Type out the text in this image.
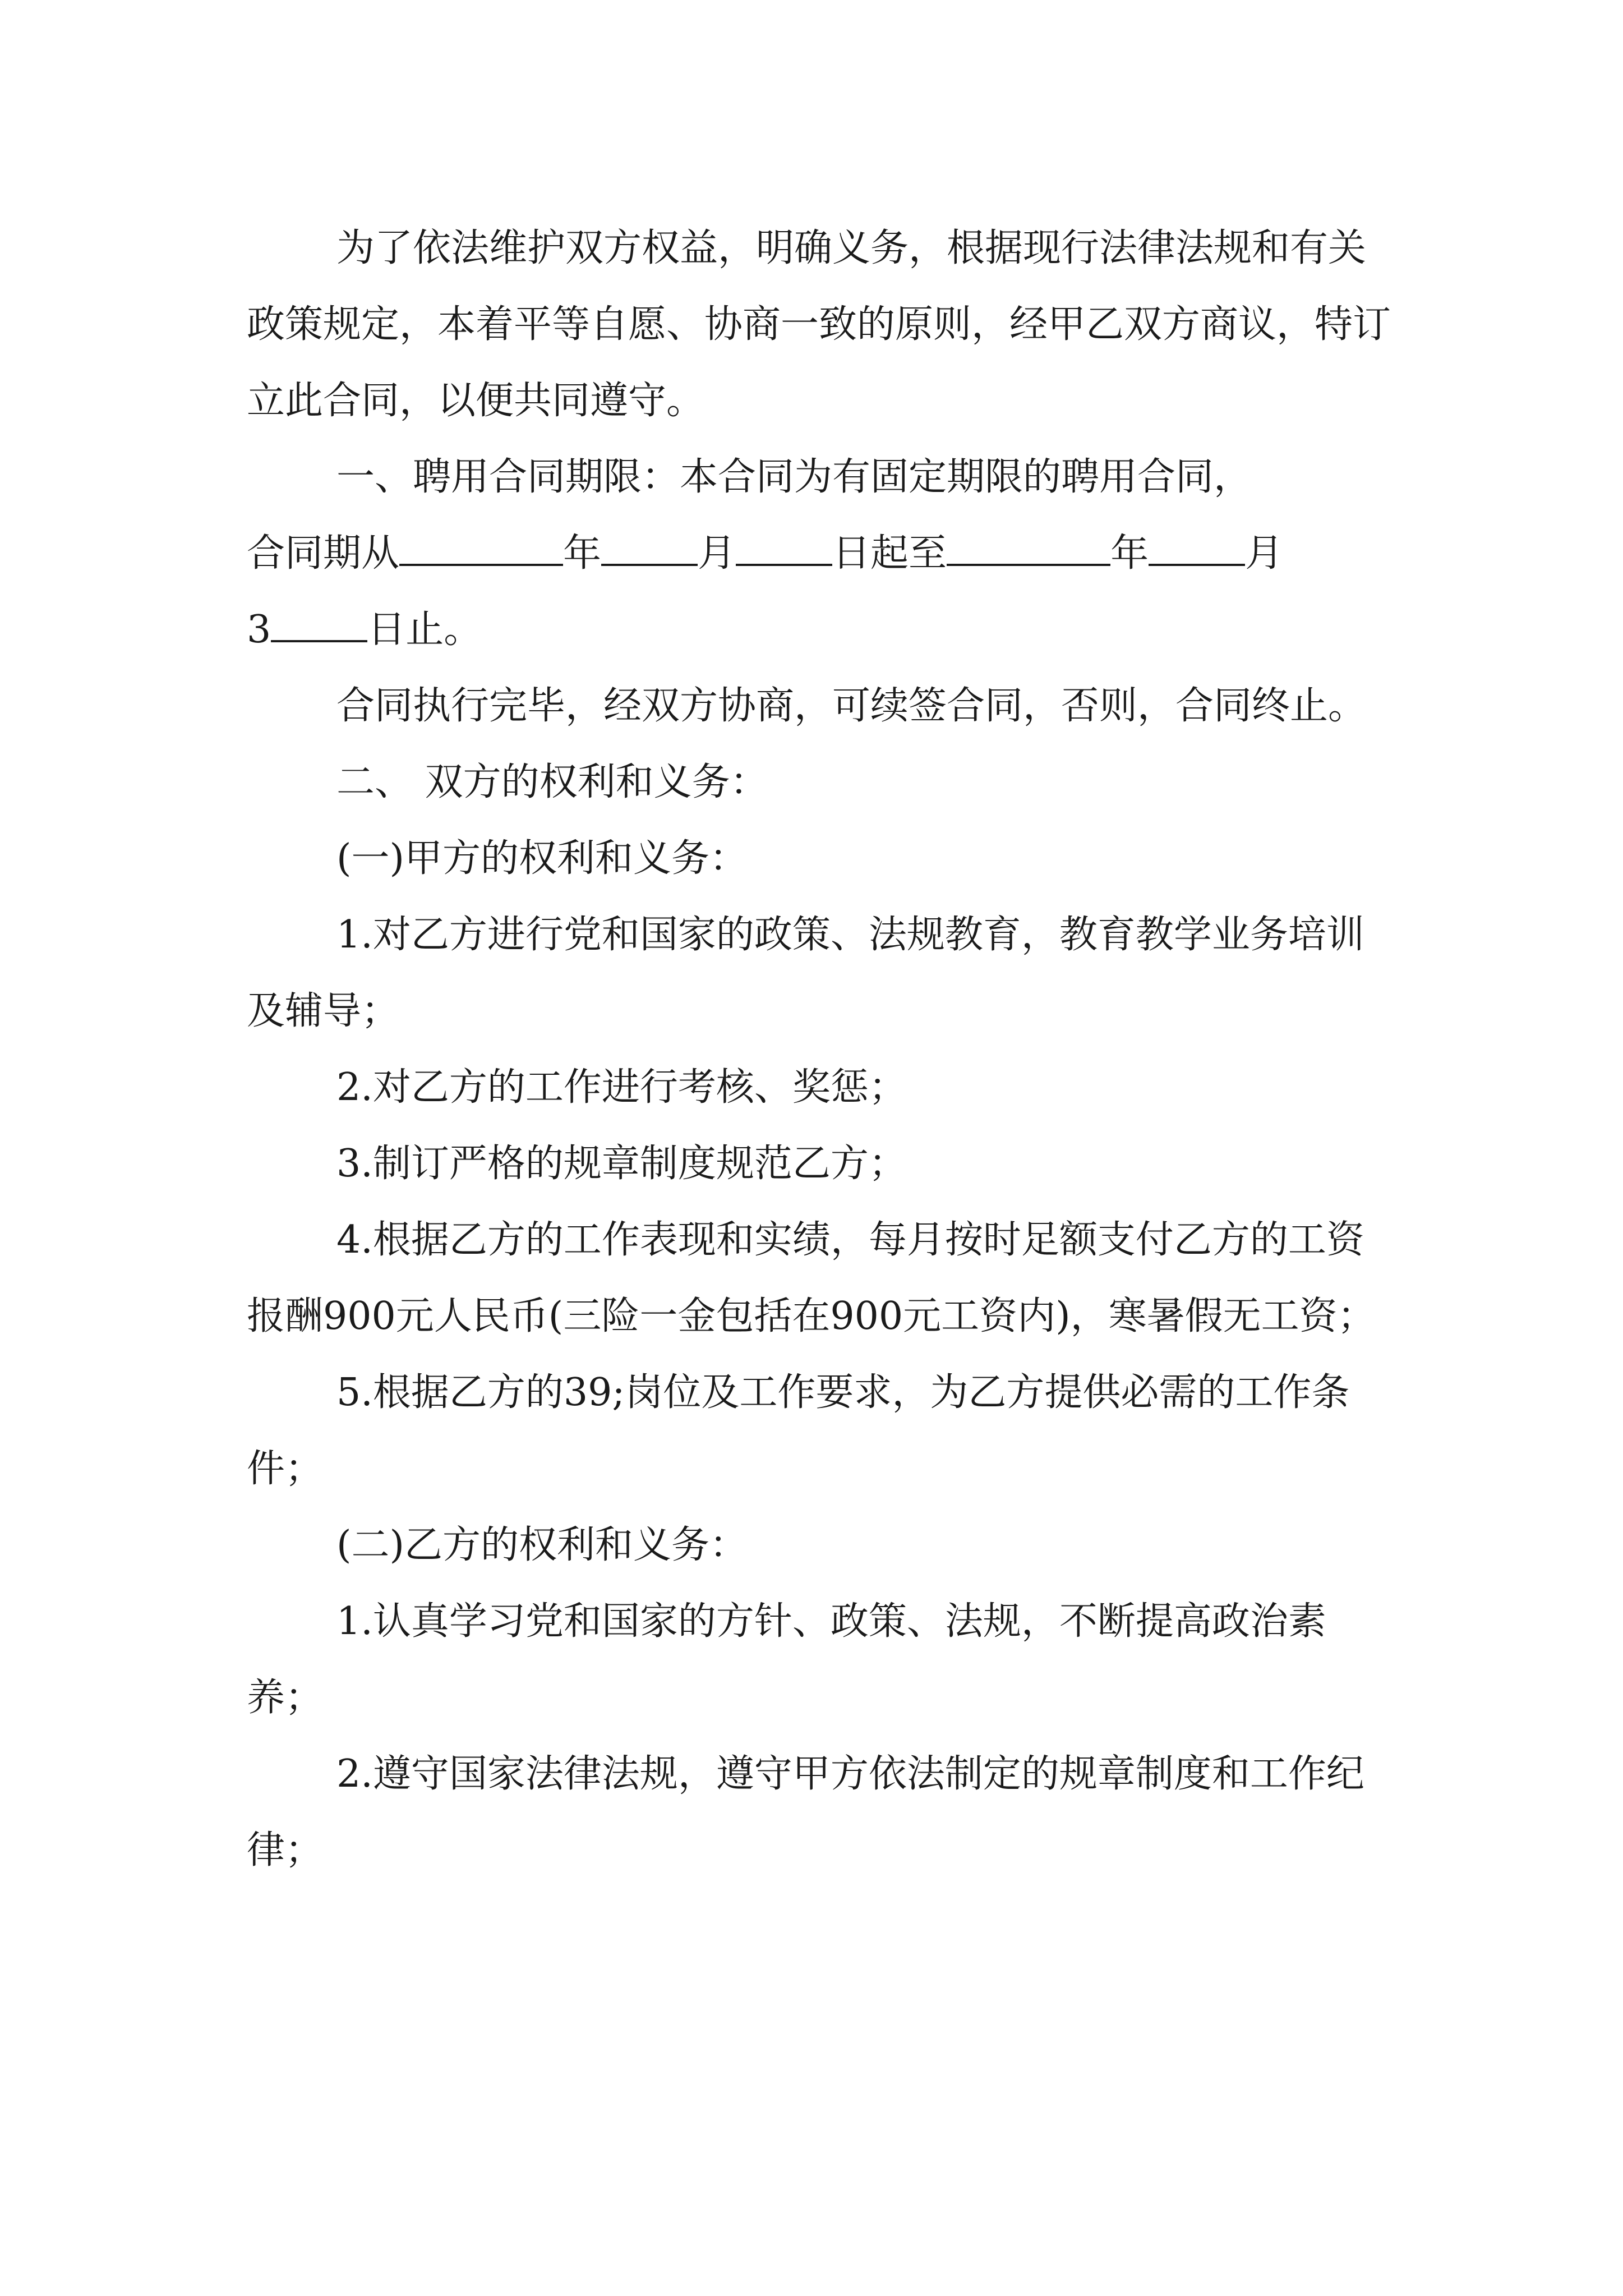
为了依法维护双方权益，明确义务，根据现行法律法规和有关政策规定，本着平等自愿、协商一致的原则，经甲乙双方商议，特订立此合同，以便共同遵守。

一、聘用合同期限：本合同为有固定期限的聘用合同，
合同期从	年	月	日起至	年	月
3	日止。

合同执行完毕，经双方协商，可续签合同，否则，合同终止。

二、 双方的权利和义务：

(一)甲方的权利和义务：

1.对乙方进行党和国家的政策、法规教育，教育教学业务培训及辅导；

2.对乙方的工作进行考核、奖惩；

3.制订严格的规章制度规范乙方；

4.根据乙方的工作表现和实绩，每月按时足额支付乙方的工资报酬900元人民币(三险一金包括在900元工资内)，寒暑假无工资；

5.根据乙方的39;岗位及工作要求，为乙方提供必需的工作条件；

(二)乙方的权利和义务：

1.认真学习党和国家的方针、政策、法规，不断提高政治素养；

2.遵守国家法律法规，遵守甲方依法制定的规章制度和工作纪律；
